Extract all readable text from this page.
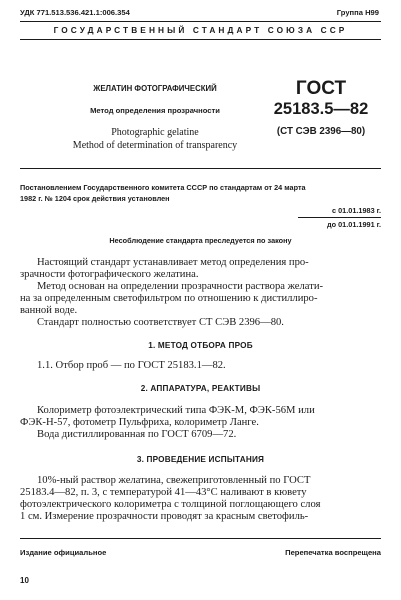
УДК 771.513.536.421.1:006.354	Группа Н99
ГОСУДАРСТВЕННЫЙ СТАНДАРТ СОЮЗА ССР
ЖЕЛАТИН ФОТОГРАФИЧЕСКИЙ
Метод определения прозрачности
Photographic gelatine
Method of determination of transparency
ГОСТ
25183.5—82
(СТ СЭВ 2396—80)
Постановлением Государственного комитета СССР по стандартам от 24 марта
1982 г. № 1204 срок действия установлен
с 01.01.1983 г.
до 01.01.1991 г.
Несоблюдение стандарта преследуется по закону
Настоящий стандарт устанавливает метод определения про-
зрачности фотографического желатина.
Метод основан на определении прозрачности раствора желати-
на за определенным светофильтром по отношению к дистиллиро-
ванной воде.
Стандарт полностью соответствует СТ СЭВ 2396—80.
1. МЕТОД ОТБОРА ПРОБ
1.1. Отбор проб — по ГОСТ 25183.1—82.
2. АППАРАТУРА, РЕАКТИВЫ
Колориметр фотоэлектрический типа ФЭК-М, ФЭК-56М или
ФЭК-Н-57, фотометр Пульфриха, колориметр Ланге.
Вода дистиллированная по ГОСТ 6709—72.
3. ПРОВЕДЕНИЕ ИСПЫТАНИЯ
10%-ный раствор желатина, свежеприготовленный по ГОСТ
25183.4—82, п. 3, с температурой 41—43°С наливают в кювету
фотоэлектрического колориметра с толщиной поглощающего слоя
1 см. Измерение прозрачности проводят за красным светофиль-
Издание официальное	Перепечатка воспрещена
10
